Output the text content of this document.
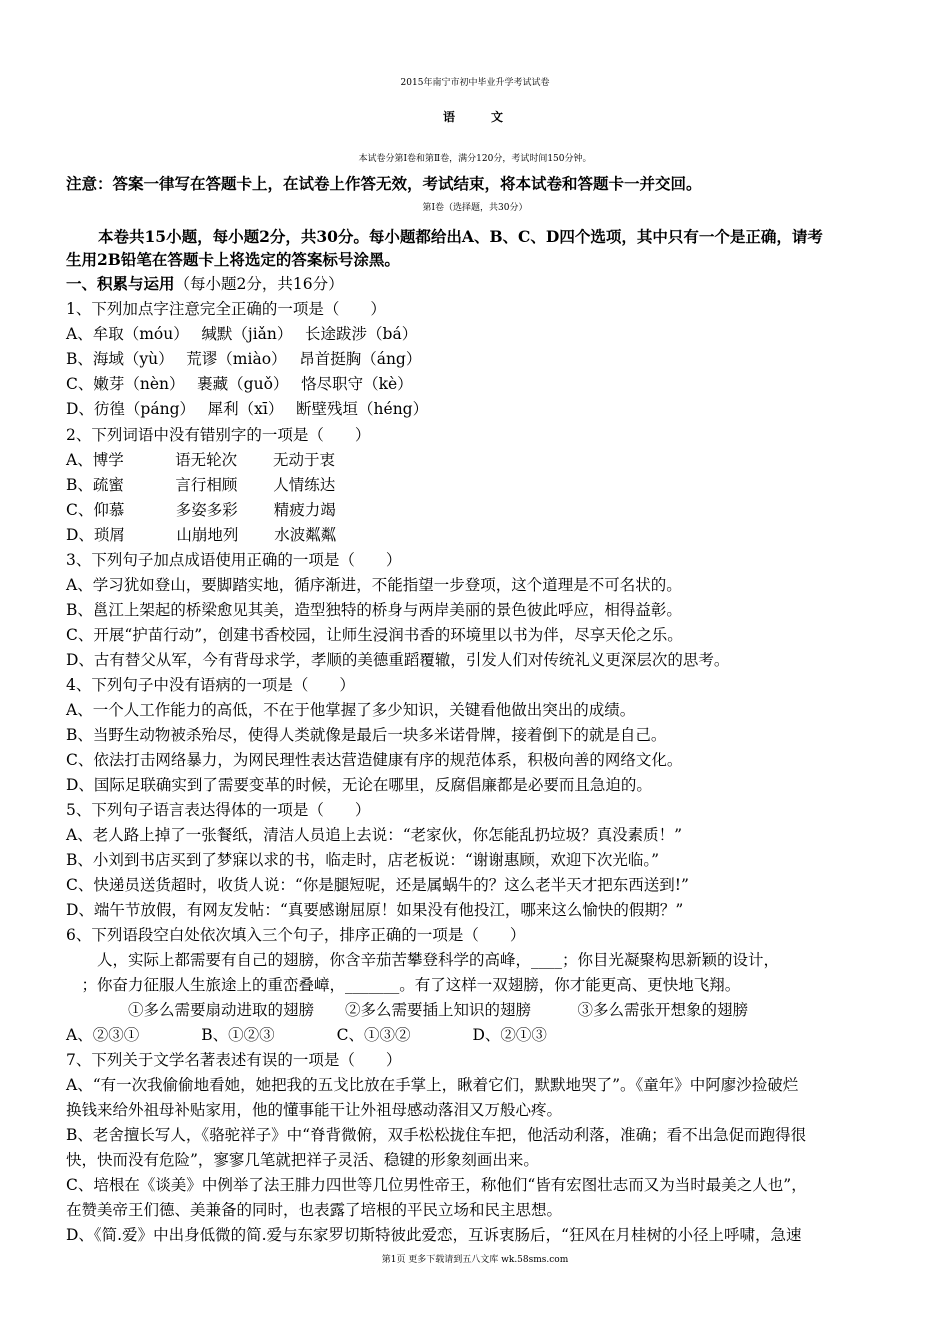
2015年南宁市初中毕业升学考试试卷
语　　文
本试卷分第Ⅰ卷和第Ⅱ卷，满分120分，考试时间150分钟。
注意：答案一律写在答题卡上，在试卷上作答无效，考试结束，将本试卷和答题卡一并交回。
第Ⅰ卷（选择题，共30分）
本卷共15小题，每小题2分，共30分。每小题都给出A、B、C、D四个选项，其中只有一个是正确，请考
生用2B铅笔在答题卡上将选定的答案标号涂黑。
一、积累与运用（每小题2分，共16分）
1、下列加点字注意完全正确的一项是（　　）
A、牟取（móu）　 缄默（jiǎn）　 长途跋涉（bá）
B、海域（yù）　 荒谬（miào）　 昂首挺胸（áng）
C、嫩芽（nèn）　 裹藏（guǒ）　 恪尽职守（kè）
D、彷徨（páng）　 犀利（xī）　 断壁残垣（héng）
2、下列词语中没有错别字的一项是（　　）
A、博学　　　 语无轮次　　 无动于衷
B、疏蜜　　　 言行相顾　　 人情练达
C、仰慕　　　 多姿多彩　　 精疲力竭
D、琐屑　　　 山崩地列　　 水波粼粼
3、下列句子加点成语使用正确的一项是（　　）
A、学习犹如登山，要脚踏实地，循序渐进，不能指望一步登项，这个道理是不可名状的。
B、邕江上架起的桥梁愈见其美，造型独特的桥身与两岸美丽的景色彼此呼应，相得益彰。
C、开展“护苗行动”，创建书香校园，让师生浸润书香的环境里以书为伴，尽享天伦之乐。
D、古有替父从军，今有背母求学，孝顺的美德重蹈覆辙，引发人们对传统礼义更深层次的思考。
4、下列句子中没有语病的一项是（　　）
A、一个人工作能力的高低，不在于他掌握了多少知识，关键看他做出突出的成绩。
B、当野生动物被杀殆尽，使得人类就像是最后一块多米诺骨牌，接着倒下的就是自己。
C、依法打击网络暴力，为网民理性表达营造健康有序的规范体系，积极向善的网络文化。
D、国际足联确实到了需要变革的时候，无论在哪里，反腐倡廉都是必要而且急迫的。
5、下列句子语言表达得体的一项是（　　）
A、老人路上掉了一张餐纸，清洁人员追上去说：“老家伙，你怎能乱扔垃圾？真没素质！”
B、小刘到书店买到了梦寐以求的书，临走时，店老板说：“谢谢惠顾，欢迎下次光临。”
C、快递员送货超时，收货人说：“你是腿短呢，还是属蜗牛的？这么老半天才把东西送到!”
D、端午节放假，有网友发帖：“真要感谢屈原！如果没有他投江，哪来这么愉快的假期？”
6、下列语段空白处依次填入三个句子，排序正确的一项是（　　）
　　人，实际上都需要有自己的翅膀，你含辛茄苦攀登科学的高峰，____；你目光凝聚构思新颖的设计，
　；你奋力征服人生旅途上的重峦叠嶂，_______。有了这样一双翅膀，你才能更高、更快地飞翔。
　　　　①多么需要扇动进取的翅膀　　②多么需要插上知识的翅膀　　　③多么需张开想象的翅膀
A、②③①　　　　B、①②③　　　　C、①③②　　　　D、②①③
7、下列关于文学名著表述有误的一项是（　　）
A、“有一次我偷偷地看她，她把我的五戈比放在手掌上，瞅着它们，默默地哭了”。《童年》中阿廖沙捡破烂
换钱来给外祖母补贴家用，他的懂事能干让外祖母感动落泪又万般心疼。
B、老舍擅长写人，《骆驼祥子》中“脊背微俯，双手松松拢住车把，他活动利落，准确；看不出急促而跑得很
快，快而没有危险”，寥寥几笔就把祥子灵活、稳键的形象刻画出来。
C、培根在《谈美》中例举了法王腓力四世等几位男性帝王，称他们“皆有宏图壮志而又为当时最美之人也”，
在赞美帝王们德、美兼备的同时，也表露了培根的平民立场和民主思想。
D、《简.爱》中出身低微的简.爱与东家罗切斯特彼此爱恋，互诉衷肠后，“狂风在月桂树的小径上呼啸，急速
第1页 更多下载请到五八文库 wk.58sms.com
